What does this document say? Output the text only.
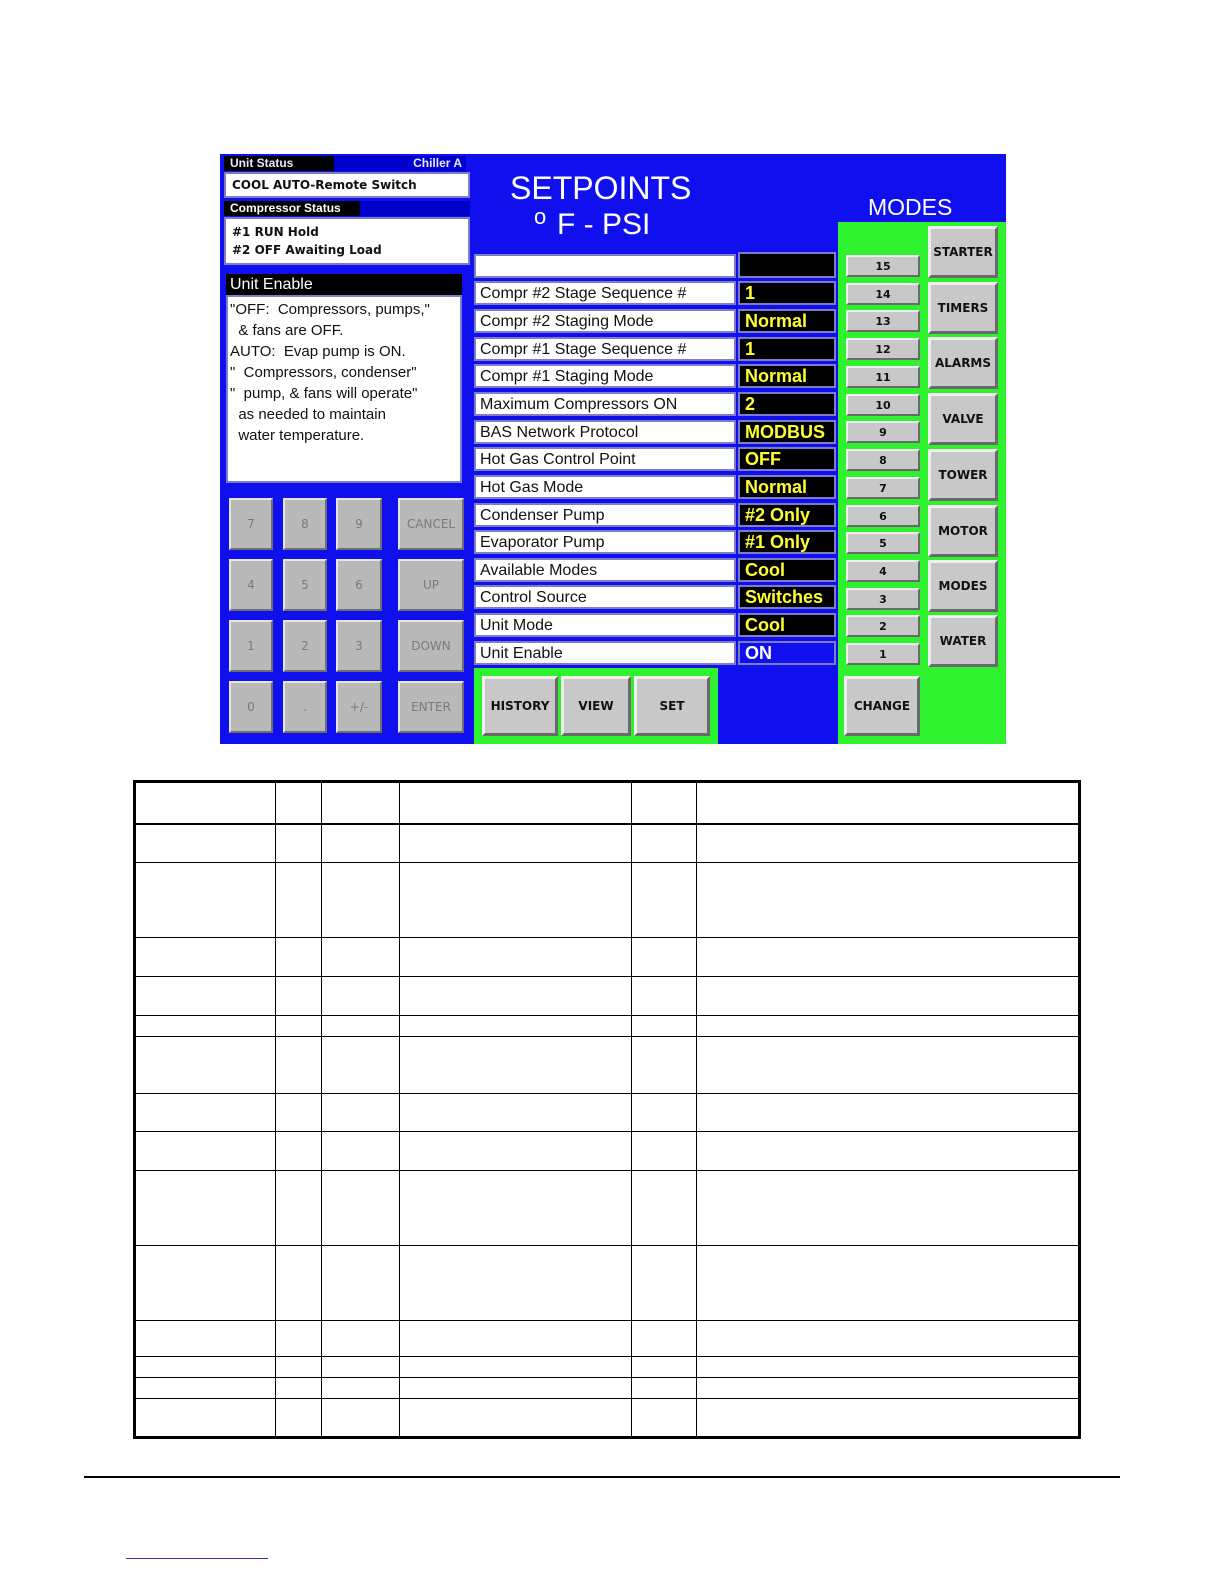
Unit Status	Chiller A
COOL AUTO-Remote Switch
Compressor Status
#1 RUN Hold
#2 OFF Awaiting Load
Unit Enable
"OFF:  Compressors, pumps,"
& fans are OFF.
AUTO:  Evap pump is ON.
"  Compressors, condenser"
"  pump, & fans will operate"
as needed to maintain
water temperature.
7	8	9	CANCEL
4	5	6	UP
1	2	3	DOWN
0	.	+/-	ENTER
SETPOINTS
o F - PSI
MODES
Compr #2 Stage Sequence #	1
Compr #2 Staging Mode	Normal
Compr #1 Stage Sequence #	1
Compr #1 Staging Mode	Normal
Maximum Compressors ON	2
BAS Network Protocol	MODBUS
Hot Gas Control Point	OFF
Hot Gas Mode	Normal
Condenser Pump	#2 Only
Evaporator Pump	#1 Only
Available Modes	Cool
Control Source	Switches
Unit Mode	Cool
Unit Enable	ON
15
14
13
12
11
10
9
8
7
6
5
4
3
2
1
STARTER
TIMERS
ALARMS
VALVE
TOWER
MOTOR
MODES
WATER
HISTORY	VIEW	SET	CHANGE
